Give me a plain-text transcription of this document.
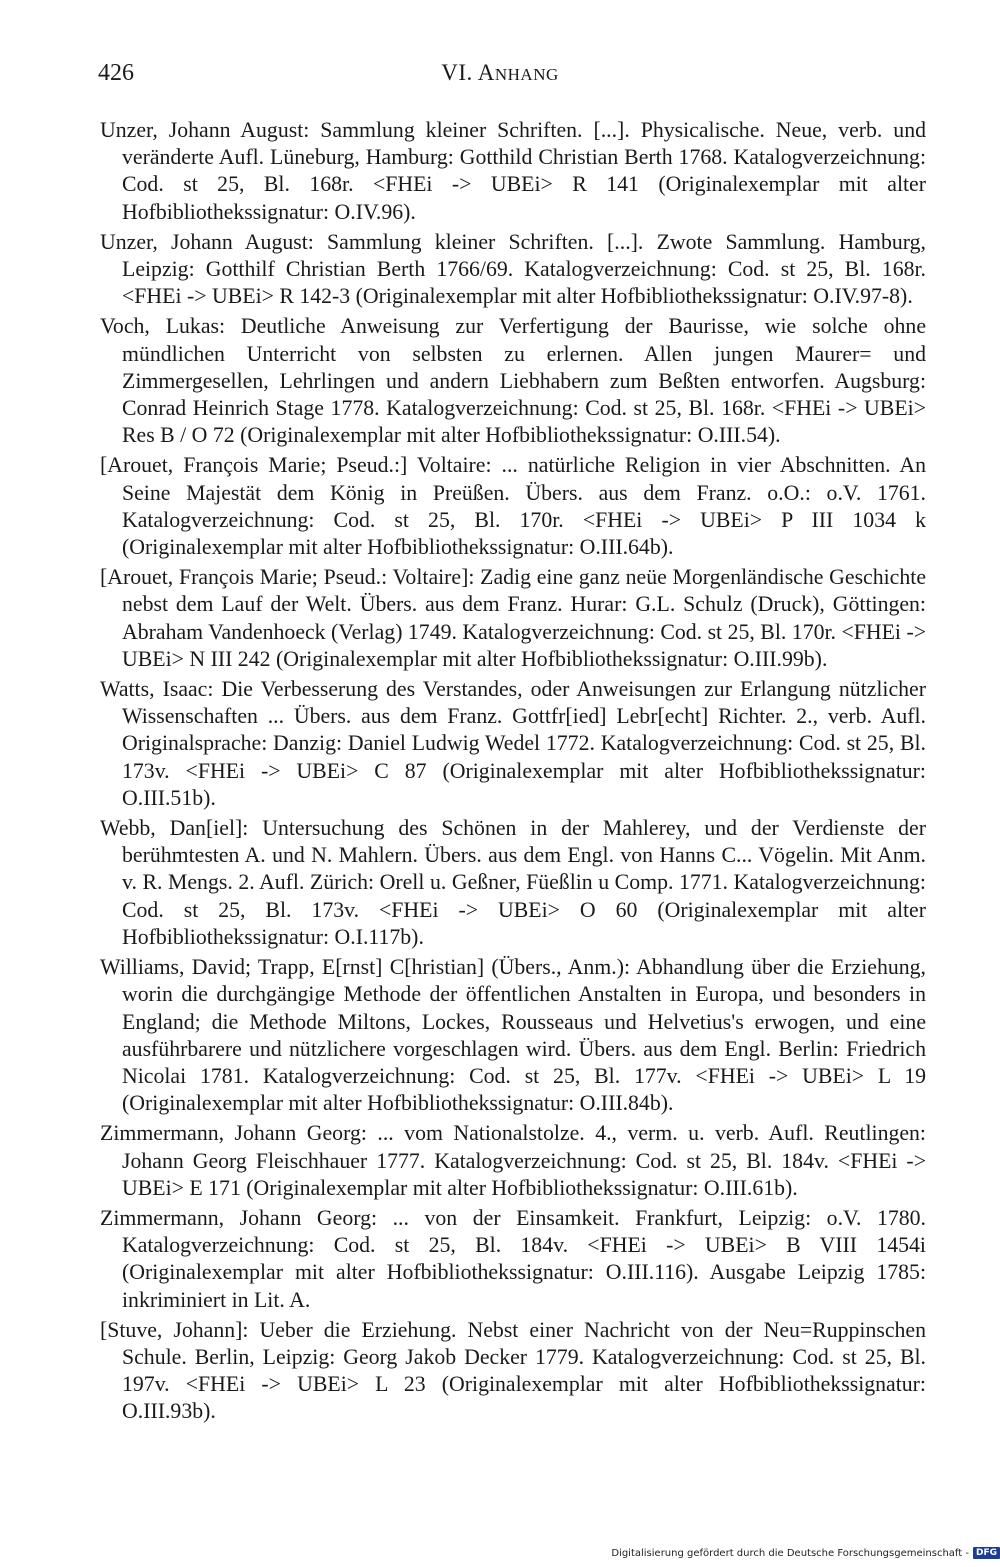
426	VI. ANHANG

Unzer, Johann August: Sammlung kleiner Schriften. [...]. Physicalische. Neue, verb. und veränderte Aufl. Lüneburg, Hamburg: Gotthild Christian Berth 1768. Katalogverzeichnung: Cod. st 25, Bl. 168r. <FHEi -> UBEi> R 141 (Originalexemplar mit alter Hofbibliothekssignatur: O.IV.96).

Unzer, Johann August: Sammlung kleiner Schriften. [...]. Zwote Sammlung. Hamburg, Leipzig: Gotthilf Christian Berth 1766/69. Katalogverzeichnung: Cod. st 25, Bl. 168r. <FHEi -> UBEi> R 142-3 (Originalexemplar mit alter Hofbibliothekssignatur: O.IV.97-8).

Voch, Lukas: Deutliche Anweisung zur Verfertigung der Baurisse, wie solche ohne mündlichen Unterricht von selbsten zu erlernen. Allen jungen Maurer= und Zimmergesellen, Lehrlingen und andern Liebhabern zum Beßten entworfen. Augsburg: Conrad Heinrich Stage 1778. Katalogverzeichnung: Cod. st 25, Bl. 168r. <FHEi -> UBEi> Res B / O 72 (Originalexemplar mit alter Hofbibliothekssignatur: O.III.54).

[Arouet, François Marie; Pseud.:] Voltaire: ... natürliche Religion in vier Abschnitten. An Seine Majestät dem König in Preüßen. Übers. aus dem Franz. o.O.: o.V. 1761. Katalogverzeichnung: Cod. st 25, Bl. 170r. <FHEi -> UBEi> P III 1034 k (Originalexemplar mit alter Hofbibliothekssignatur: O.III.64b).

[Arouet, François Marie; Pseud.: Voltaire]: Zadig eine ganz neüe Morgenländische Geschichte nebst dem Lauf der Welt. Übers. aus dem Franz. Hurar: G.L. Schulz (Druck), Göttingen: Abraham Vandenhoeck (Verlag) 1749. Katalogverzeichnung: Cod. st 25, Bl. 170r. <FHEi -> UBEi> N III 242 (Originalexemplar mit alter Hofbibliothekssignatur: O.III.99b).

Watts, Isaac: Die Verbesserung des Verstandes, oder Anweisungen zur Erlangung nützlicher Wissenschaften ... Übers. aus dem Franz. Gottfr[ied] Lebr[echt] Richter. 2., verb. Aufl. Originalsprache: Danzig: Daniel Ludwig Wedel 1772. Katalogverzeichnung: Cod. st 25, Bl. 173v. <FHEi -> UBEi> C 87 (Originalexemplar mit alter Hofbibliothekssignatur: O.III.51b).

Webb, Dan[iel]: Untersuchung des Schönen in der Mahlerey, und der Verdienste der berühmtesten A. und N. Mahlern. Übers. aus dem Engl. von Hanns C... Vögelin. Mit Anm. v. R. Mengs. 2. Aufl. Zürich: Orell u. Geßner, Füeßlin u Comp. 1771. Katalogverzeichnung: Cod. st 25, Bl. 173v. <FHEi -> UBEi> O 60 (Originalexemplar mit alter Hofbibliothekssignatur: O.I.117b).

Williams, David; Trapp, E[rnst] C[hristian] (Übers., Anm.): Abhandlung über die Erziehung, worin die durchgängige Methode der öffentlichen Anstalten in Europa, und besonders in England; die Methode Miltons, Lockes, Rousseaus und Helvetius's erwogen, und eine ausführbarere und nützlichere vorgeschlagen wird. Übers. aus dem Engl. Berlin: Friedrich Nicolai 1781. Katalogverzeichnung: Cod. st 25, Bl. 177v. <FHEi -> UBEi> L 19 (Originalexemplar mit alter Hofbibliothekssignatur: O.III.84b).

Zimmermann, Johann Georg: ... vom Nationalstolze. 4., verm. u. verb. Aufl. Reutlingen: Johann Georg Fleischhauer 1777. Katalogverzeichnung: Cod. st 25, Bl. 184v. <FHEi -> UBEi> E 171 (Originalexemplar mit alter Hofbibliothekssignatur: O.III.61b).

Zimmermann, Johann Georg: ... von der Einsamkeit. Frankfurt, Leipzig: o.V. 1780. Katalogverzeichnung: Cod. st 25, Bl. 184v. <FHEi -> UBEi> B VIII 1454i (Originalexemplar mit alter Hofbibliothekssignatur: O.III.116). Ausgabe Leipzig 1785: inkriminiert in Lit. A.

[Stuve, Johann]: Ueber die Erziehung. Nebst einer Nachricht von der Neu=Ruppinschen Schule. Berlin, Leipzig: Georg Jakob Decker 1779. Katalogverzeichnung: Cod. st 25, Bl. 197v. <FHEi -> UBEi> L 23 (Originalexemplar mit alter Hofbibliothekssignatur: O.III.93b).

Digitalisierung gefördert durch die Deutsche Forschungsgemeinschaft - DFG
